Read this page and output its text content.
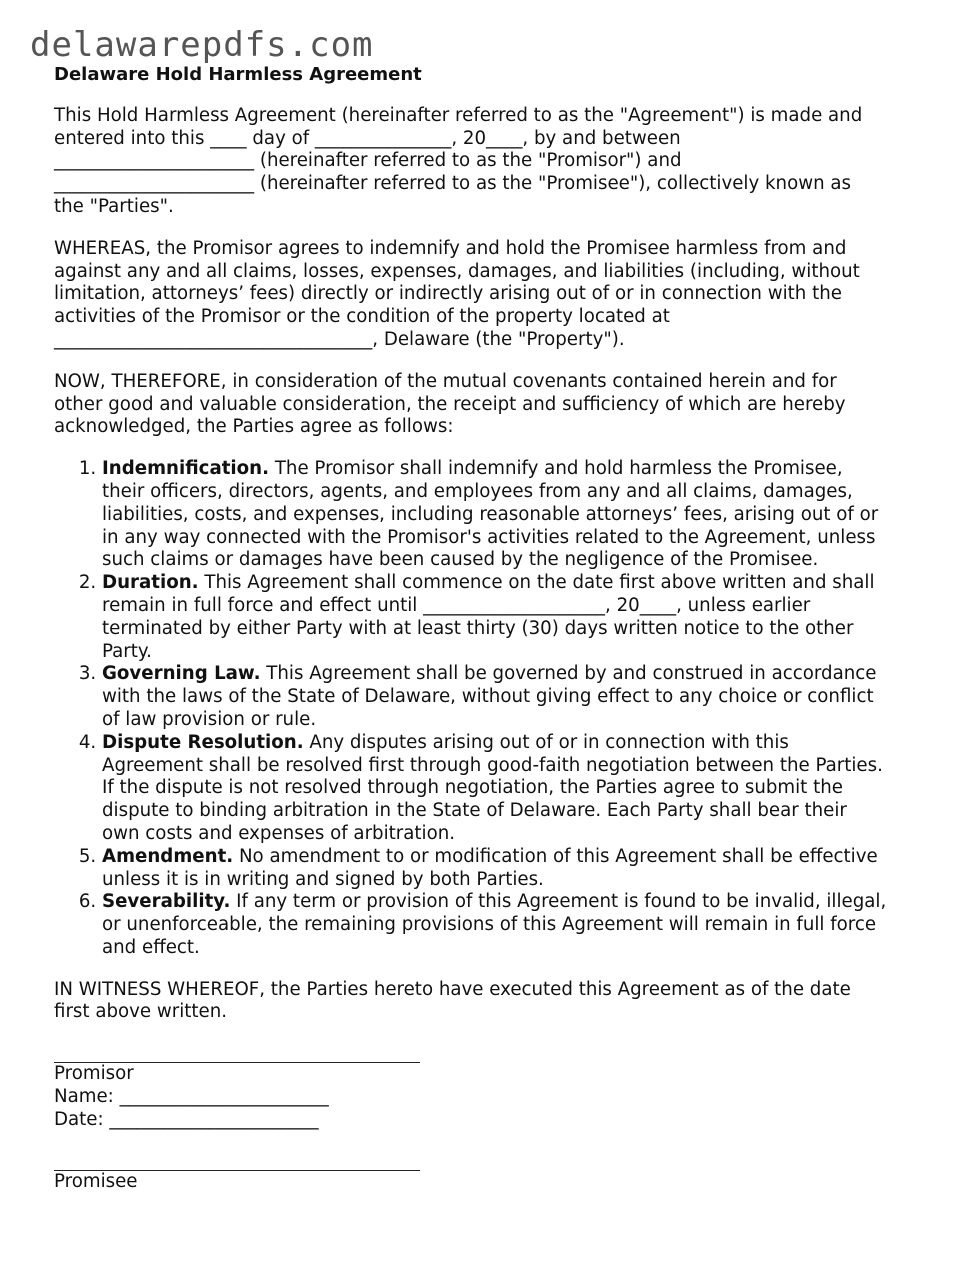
delawarepdfs.com
Delaware Hold Harmless Agreement
This Hold Harmless Agreement (hereinafter referred to as the "Agreement") is made and
entered into this ____ day of _______________, 20____, by and between
______________________ (hereinafter referred to as the "Promisor") and
______________________ (hereinafter referred to as the "Promisee"), collectively known as
the "Parties".
WHEREAS, the Promisor agrees to indemnify and hold the Promisee harmless from and
against any and all claims, losses, expenses, damages, and liabilities (including, without
limitation, attorneys’ fees) directly or indirectly arising out of or in connection with the
activities of the Promisor or the condition of the property located at
___________________________________, Delaware (the "Property").
NOW, THEREFORE, in consideration of the mutual covenants contained herein and for
other good and valuable consideration, the receipt and sufficiency of which are hereby
acknowledged, the Parties agree as follows:
1. Indemnification. The Promisor shall indemnify and hold harmless the Promisee,
their officers, directors, agents, and employees from any and all claims, damages,
liabilities, costs, and expenses, including reasonable attorneys’ fees, arising out of or
in any way connected with the Promisor's activities related to the Agreement, unless
such claims or damages have been caused by the negligence of the Promisee.
2. Duration. This Agreement shall commence on the date first above written and shall
remain in full force and effect until ____________________, 20____, unless earlier
terminated by either Party with at least thirty (30) days written notice to the other
Party.
3. Governing Law. This Agreement shall be governed by and construed in accordance
with the laws of the State of Delaware, without giving effect to any choice or conflict
of law provision or rule.
4. Dispute Resolution. Any disputes arising out of or in connection with this
Agreement shall be resolved first through good-faith negotiation between the Parties.
If the dispute is not resolved through negotiation, the Parties agree to submit the
dispute to binding arbitration in the State of Delaware. Each Party shall bear their
own costs and expenses of arbitration.
5. Amendment. No amendment to or modification of this Agreement shall be effective
unless it is in writing and signed by both Parties.
6. Severability. If any term or provision of this Agreement is found to be invalid, illegal,
or unenforceable, the remaining provisions of this Agreement will remain in full force
and effect.
IN WITNESS WHEREOF, the Parties hereto have executed this Agreement as of the date
first above written.
Promisor
Name: _______________________
Date: _______________________
Promisee
